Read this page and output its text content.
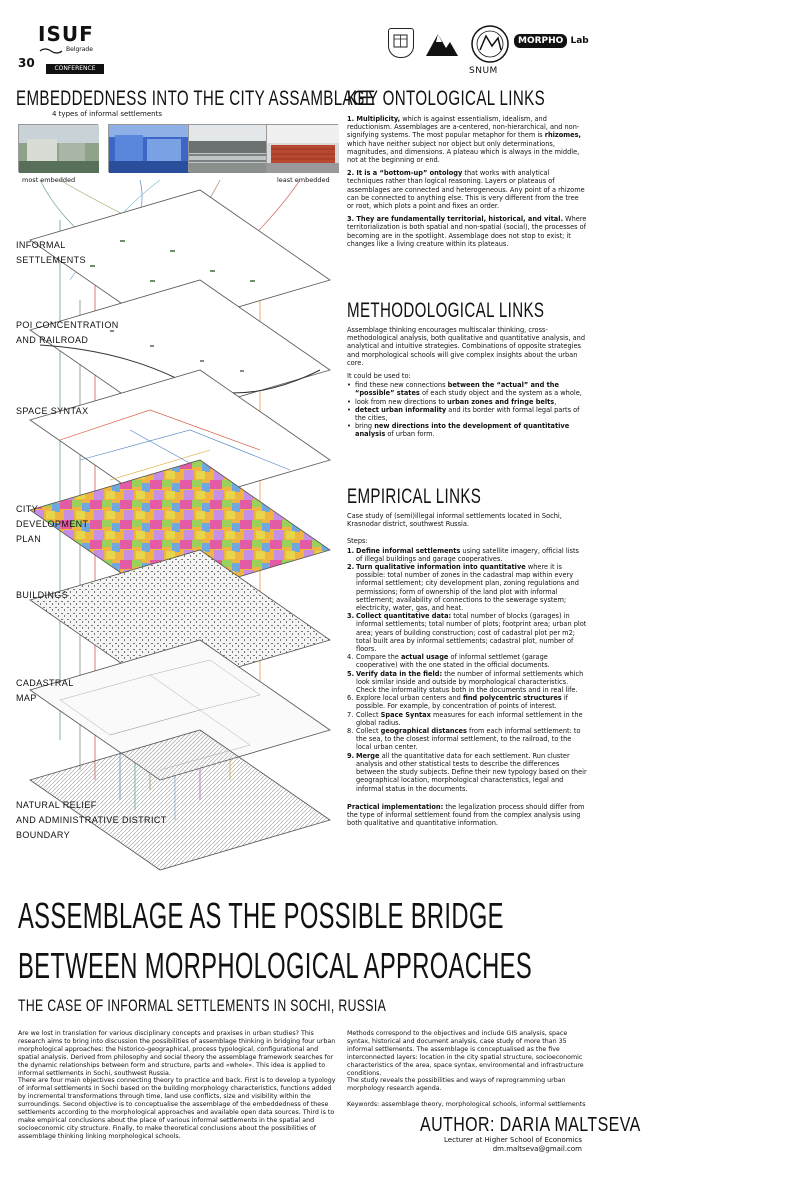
ISUF
Belgrade
30	CONFERENCE	SNUM
MORPHO Lab
EMBEDDEDNESS INTO THE CITY ASSAMBLAGE
4 types of informal settlements
most embedded	least embedded
INFORMAL
SETTLEMENTS
POI CONCENTRATION
AND RAILROAD
SPACE SYNTAX
CITY
DEVELOPMENT
PLAN
BUILDINGS
CADASTRAL
MAP
NATURAL RELIEF
AND ADMINISTRATIVE DISTRICT
BOUNDARY
KEY ONTOLOGICAL LINKS

1. Multiplicity, which is against essentialism, idealism, and reductionism. Assemblages are a-centered, non-hierarchical, and non-signifying systems. The most popular metaphor for them is rhizomes, which have neither subject nor object but only determinations, magnitudes, and dimensions. A plateau which is always in the middle, not at the beginning or end.

2. It is a “bottom-up” ontology that works with analytical techniques rather than logical reasoning. Layers or plateaus of assemblages are connected and heterogeneous. Any point of a rhizome can be connected to anything else. This is very different from the tree or root, which plots a point and fixes an order.

3. They are fundamentally territorial, historical, and vital. Where territorialization is both spatial and non-spatial (social), the processes of becoming are in the spotlight. Assemblage does not stop to exist; it changes like a living creature within its plateaus.

METHODOLOGICAL LINKS

Assemblage thinking encourages multiscalar thinking, cross-methodological analysis, both qualitative and quantitative analysis, and analytical and intuitive strategies. Combinations of opposite strategies and morphological schools will give complex insights about the urban core.

It could be used to:

• find these new connections between the “actual” and the “possible” states of each study object and the system as a whole,
• look from new directions to urban zones and fringe belts,
• detect urban informality and its border with formal legal parts of the cities,
• bring new directions into the development of quantitative analysis of urban form.
EMPIRICAL LINKS

Case study of (semi)illegal informal settlements located in Sochi, Krasnodar district, southwest Russia.

Steps:

1. Define informal settlements using satellite imagery, official lists of illegal buildings and garage cooperatives.
2. Turn qualitative information into quantitative where it is possible: total number of zones in the cadastral map within every informal settlement; city development plan, zoning regulations and permissions; form of ownership of the land plot with informal settlement; availability of connections to the sewerage system; electricity, water, gas, and heat.
3. Collect quantitative data: total number of blocks (garages) in informal settlements; total number of plots; footprint area; urban plot area; years of building construction; cost of cadastral plot per m2; total built area by informal settlements; cadastral plot, number of floors.
4. Compare the actual usage of informal settlemet (garage cooperative) with the one stated in the official documents.
5. Verify data in the field: the number of informal settlements which look similar inside and outside by morphological characteristics. Check the informality status both in the documents and in real life.
6. Explore local urban centers and find polycentric structures if possible. For example, by concentration of points of interest.
7. Collect Space Syntax measures for each informal settlement in the global radius.
8. Collect geographical distances from each informal settlement: to the sea, to the closest informal settlement, to the railroad, to the local urban center.
9. Merge all the quantitative data for each settlement. Run cluster analysis and other statistical tests to describe the differences between the study subjects. Define their new typology based on their geographical location, morphological characteristics, legal and informal status in the documents.

Practical implementation: the legalization process should differ from the type of informal settlement found from the complex analysis using both qualitative and quantitative information.

ASSEMBLAGE AS THE POSSIBLE BRIDGE
BETWEEN MORPHOLOGICAL APPROACHES
THE CASE OF INFORMAL SETTLEMENTS IN SOCHI, RUSSIA

Are we lost in translation for various disciplinary concepts and praxises in urban studies? This research aims to bring into discussion the possibilities of assemblage thinking in bridging four urban morphological approaches: the historico-geographical, process typological, configurational and spatial analysis. Derived from philosophy and social theory the assemblage framework searches for the dynamic relationships between form and structure, parts and «whole». This idea is applied to informal settlements in Sochi, southwest Russia.

There are four main objectives connecting theory to practice and back. First is to develop a typology of informal settlements in Sochi based on the building morphology characteristics, functions added by incremental transformations through time, land use conflicts, size and visibility within the surroundings. Second objective is to conceptualise the assemblage of the embeddedness of these settlements according to the morphological approaches and available open data sources. Third is to make empirical conclusions about the place of various informal settlements in the spatial and socioeconomic city structure. Finally, to make theoretical conclusions about the possibilities of assemblage thinking linking morphological schools.

Methods correspond to the objectives and include GIS analysis, space syntax, historical and document analysis, case study of more than 35 informal settlements. The assemblage is conceptualised as the five interconnected layers: location in the city spatial structure, socioeconomic characteristics of the area, space syntax, environmental and infrastructure conditions.

The study reveals the possibilities and ways of reprogramming urban morphology research agenda.

Keywords: assemblage theory, morphological schools, informal settlements

AUTHOR: DARIA MALTSEVA
Lecturer at Higher School of Economics
dm.maltseva@gmail.com
